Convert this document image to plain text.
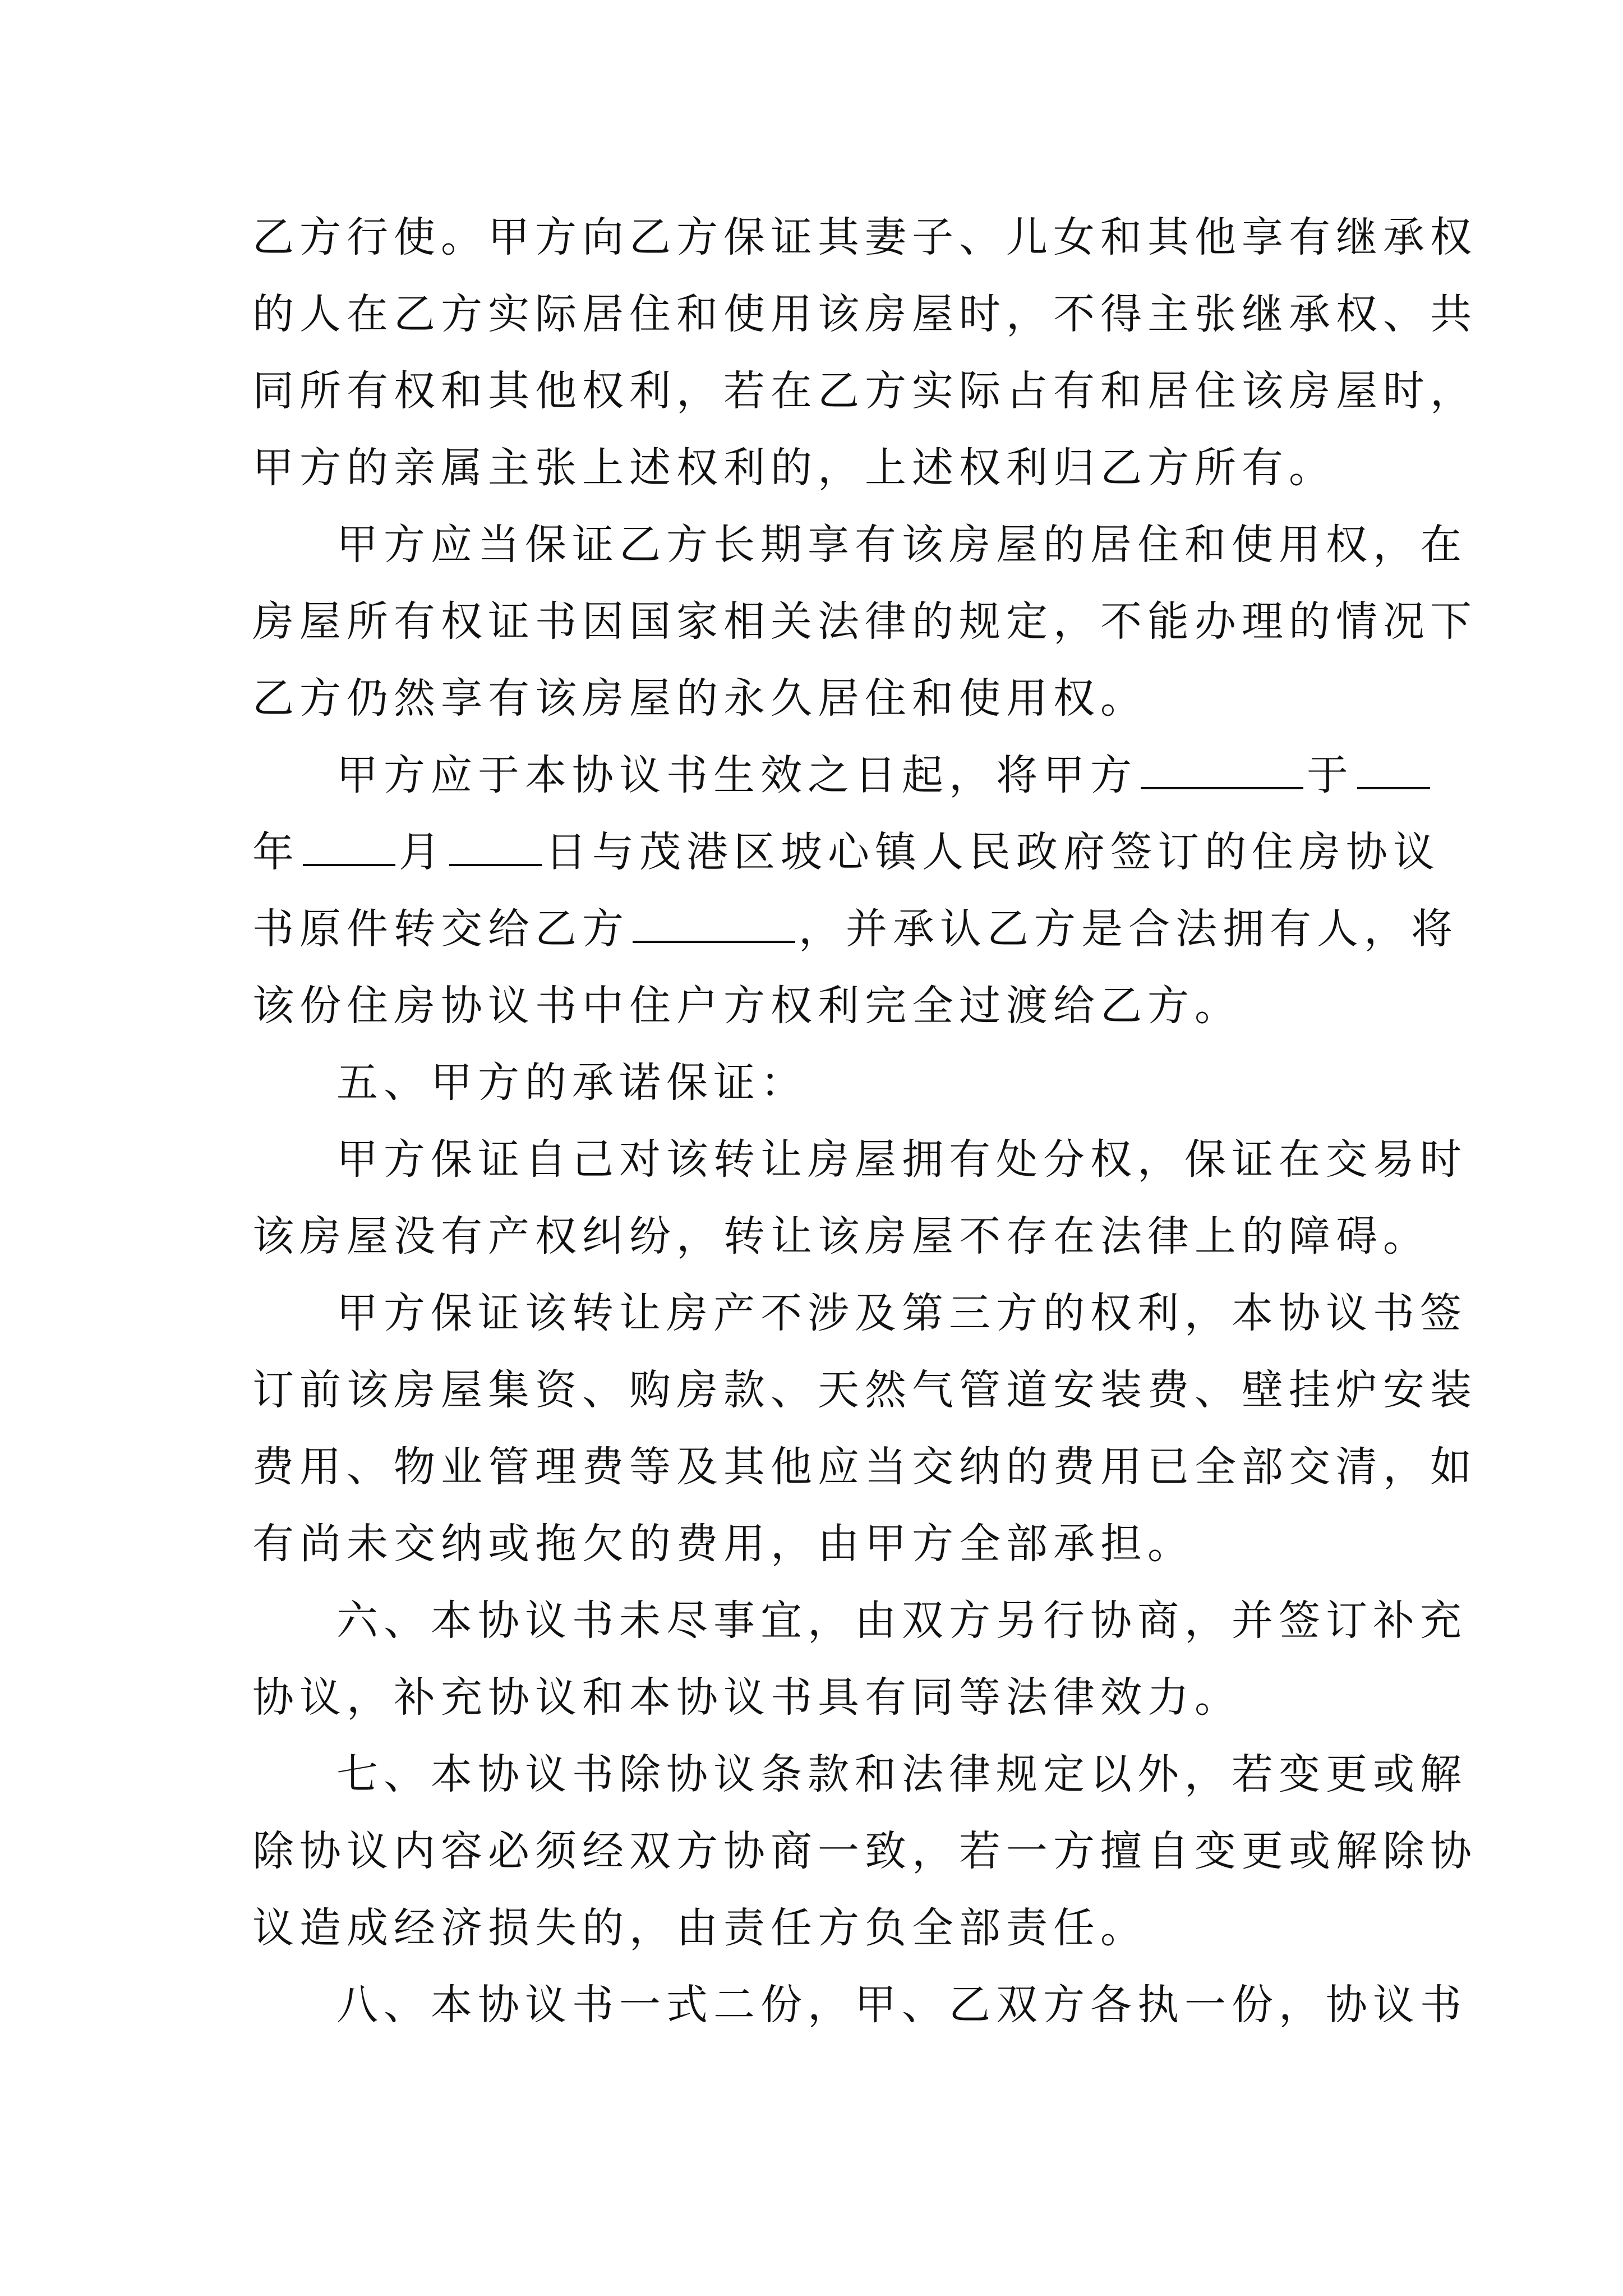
乙方行使。甲方向乙方保证其妻子、儿女和其他享有继承权
的人在乙方实际居住和使用该房屋时，不得主张继承权、共
同所有权和其他权利，若在乙方实际占有和居住该房屋时，
甲方的亲属主张上述权利的，上述权利归乙方所有。
甲方应当保证乙方长期享有该房屋的居住和使用权，在
房屋所有权证书因国家相关法律的规定，不能办理的情况下
乙方仍然享有该房屋的永久居住和使用权。
甲方应于本协议书生效之日起，将甲方	于
年 月 日与茂港区坡心镇人民政府签订的住房协议
书原件转交给乙方	，并承认乙方是合法拥有人，将
该份住房协议书中住户方权利完全过渡给乙方。
五、甲方的承诺保证：
甲方保证自己对该转让房屋拥有处分权，保证在交易时
该房屋没有产权纠纷，转让该房屋不存在法律上的障碍。
甲方保证该转让房产不涉及第三方的权利，本协议书签
订前该房屋集资、购房款、天然气管道安装费、壁挂炉安装
费用、物业管理费等及其他应当交纳的费用已全部交清，如
有尚未交纳或拖欠的费用，由甲方全部承担。
六、本协议书未尽事宜，由双方另行协商，并签订补充
协议，补充协议和本协议书具有同等法律效力。
七、本协议书除协议条款和法律规定以外，若变更或解
除协议内容必须经双方协商一致，若一方擅自变更或解除协
议造成经济损失的，由责任方负全部责任。
八、本协议书一式二份，甲、乙双方各执一份，协议书
